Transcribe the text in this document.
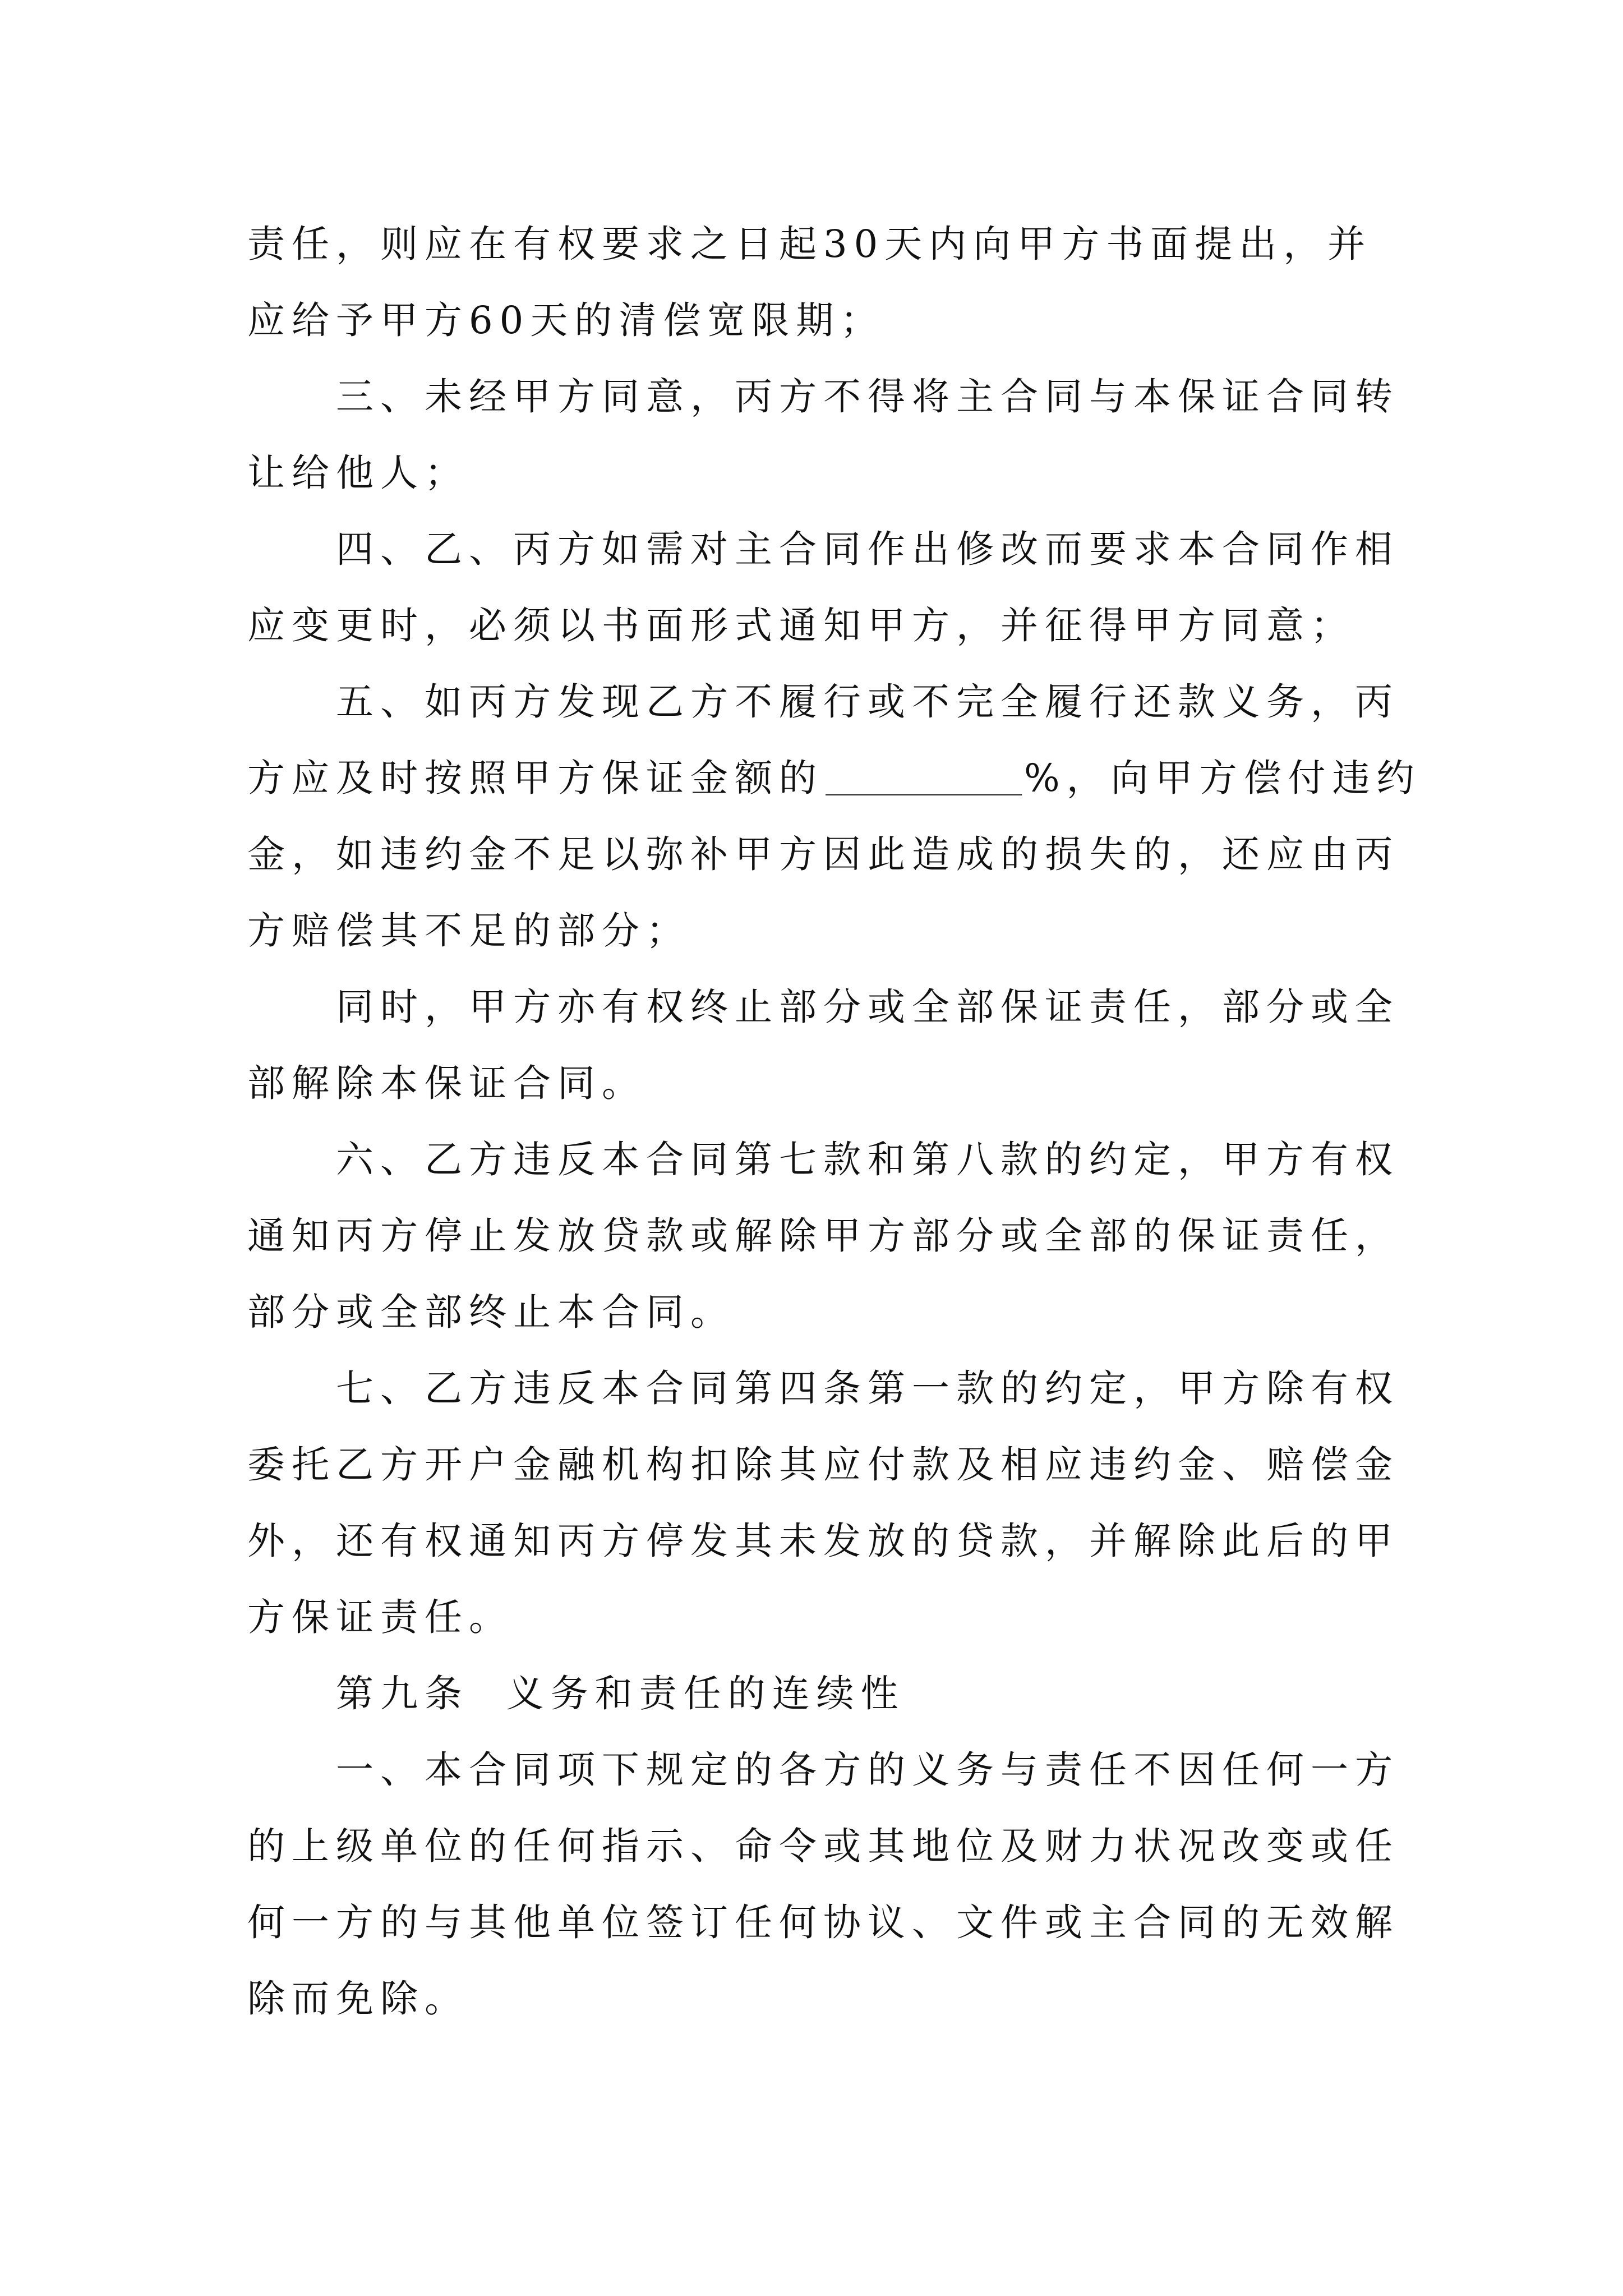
责任，则应在有权要求之日起30天内向甲方书面提出，并
应给予甲方60天的清偿宽限期；
三、未经甲方同意，丙方不得将主合同与本保证合同转
让给他人；
四、乙、丙方如需对主合同作出修改而要求本合同作相
应变更时，必须以书面形式通知甲方，并征得甲方同意；
五、如丙方发现乙方不履行或不完全履行还款义务，丙
方应及时按照甲方保证金额的	%，向甲方偿付违约
金，如违约金不足以弥补甲方因此造成的损失的，还应由丙
方赔偿其不足的部分；
同时，甲方亦有权终止部分或全部保证责任，部分或全
部解除本保证合同。
六、乙方违反本合同第七款和第八款的约定，甲方有权
通知丙方停止发放贷款或解除甲方部分或全部的保证责任，
部分或全部终止本合同。
七、乙方违反本合同第四条第一款的约定，甲方除有权
委托乙方开户金融机构扣除其应付款及相应违约金、赔偿金
外，还有权通知丙方停发其未发放的贷款，并解除此后的甲
方保证责任。
第九条  义务和责任的连续性
一、本合同项下规定的各方的义务与责任不因任何一方
的上级单位的任何指示、命令或其地位及财力状况改变或任
何一方的与其他单位签订任何协议、文件或主合同的无效解
除而免除。
